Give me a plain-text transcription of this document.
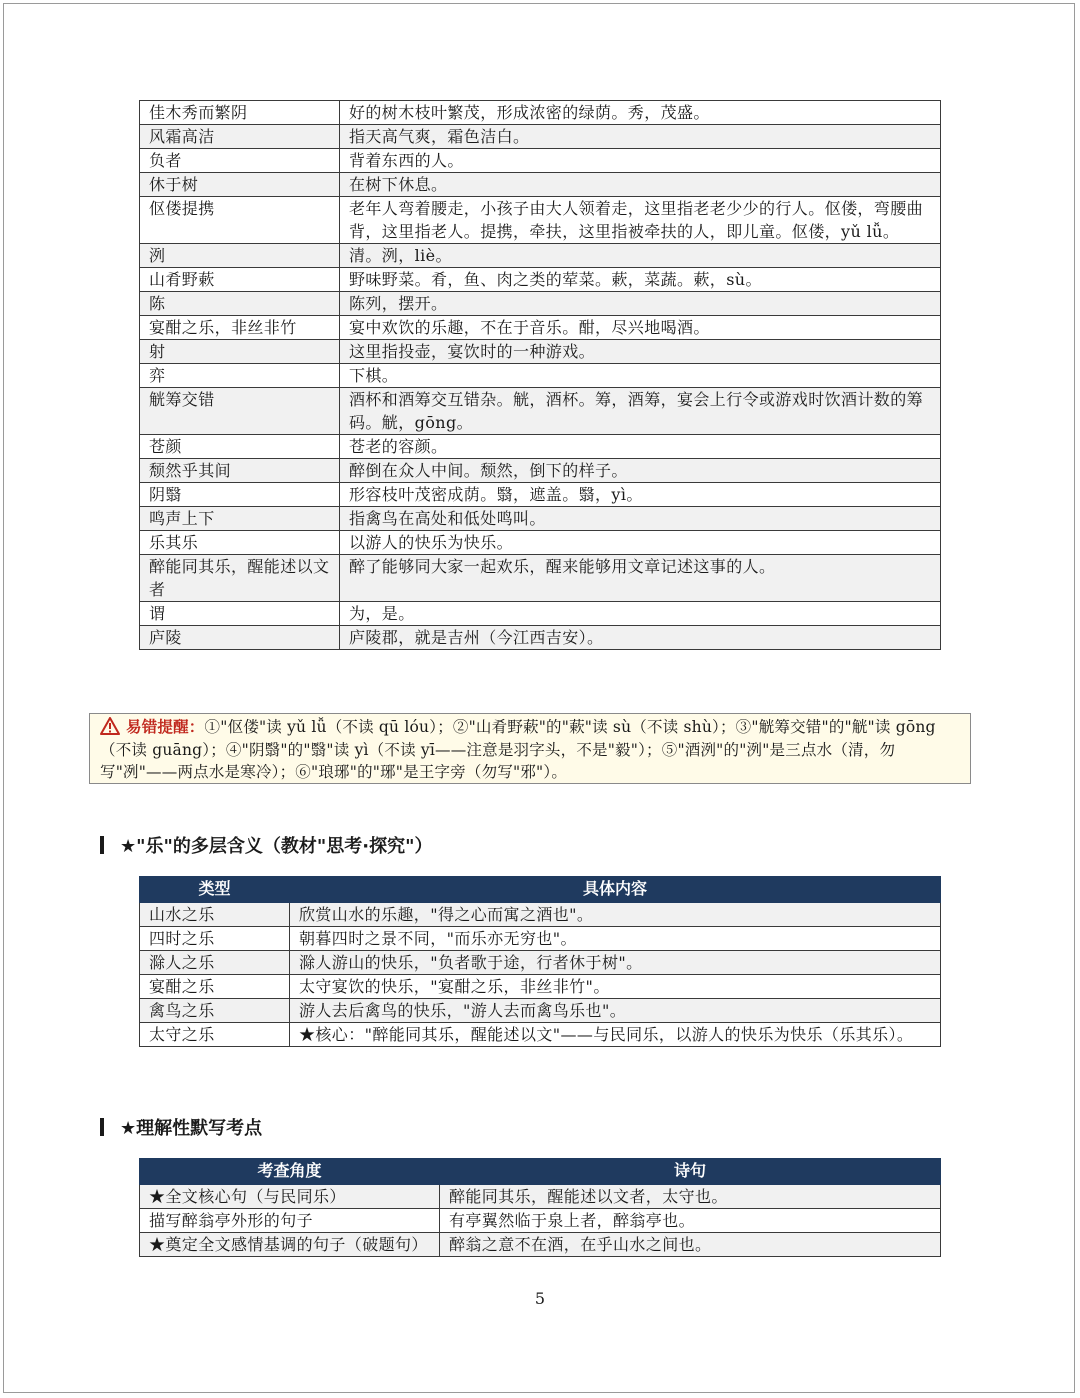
佳木秀而繁阴	好的树木枝叶繁茂，形成浓密的绿荫。秀，茂盛。
风霜高洁	指天高气爽，霜色洁白。
负者	背着东西的人。
休于树	在树下休息。
伛偻提携	老年人弯着腰走，小孩子由大人领着走，这里指老老少少的行人。伛偻，弯腰曲背，这里指老人。提携，牵扶，这里指被牵扶的人，即儿童。伛偻，yǔ lǚ。
洌	清。洌，liè。
山肴野蔌	野味野菜。肴，鱼、肉之类的荤菜。蔌，菜蔬。蔌，sù。
陈	陈列，摆开。
宴酣之乐，非丝非竹	宴中欢饮的乐趣，不在于音乐。酣，尽兴地喝酒。
射	这里指投壶，宴饮时的一种游戏。
弈	下棋。
觥筹交错	酒杯和酒筹交互错杂。觥，酒杯。筹，酒筹，宴会上行令或游戏时饮酒计数的筹码。觥，gōng。
苍颜	苍老的容颜。
颓然乎其间	醉倒在众人中间。颓然，倒下的样子。
阴翳	形容枝叶茂密成荫。翳，遮盖。翳，yì。
鸣声上下	指禽鸟在高处和低处鸣叫。
乐其乐	以游人的快乐为快乐。
醉能同其乐，醒能述以文者	醉了能够同大家一起欢乐，醒来能够用文章记述这事的人。
谓	为，是。
庐陵	庐陵郡，就是吉州（今江西吉安）。
易错提醒：①"伛偻"读 yǔ lǚ（不读 qū lóu）；②"山肴野蔌"的"蔌"读 sù（不读 shù）；③"觥筹交错"的"觥"读 gōng（不读 guāng）；④"阴翳"的"翳"读 yì（不读 yī——注意是羽字头，不是"毅"）；⑤"酒洌"的"洌"是三点水（清，勿写"冽"——两点水是寒冷）；⑥"琅琊"的"琊"是王字旁（勿写"邪"）。
★"乐"的多层含义（教材"思考·探究"）
类型	具体内容
山水之乐	欣赏山水的乐趣，"得之心而寓之酒也"。
四时之乐	朝暮四时之景不同，"而乐亦无穷也"。
滁人之乐	滁人游山的快乐，"负者歌于途，行者休于树"。
宴酣之乐	太守宴饮的快乐，"宴酣之乐，非丝非竹"。
禽鸟之乐	游人去后禽鸟的快乐，"游人去而禽鸟乐也"。
太守之乐	★核心："醉能同其乐，醒能述以文"——与民同乐，以游人的快乐为快乐（乐其乐）。
★理解性默写考点
考查角度	诗句
★全文核心句（与民同乐）	醉能同其乐，醒能述以文者，太守也。
描写醉翁亭外形的句子	有亭翼然临于泉上者，醉翁亭也。
★奠定全文感情基调的句子（破题句）	醉翁之意不在酒，在乎山水之间也。
5
